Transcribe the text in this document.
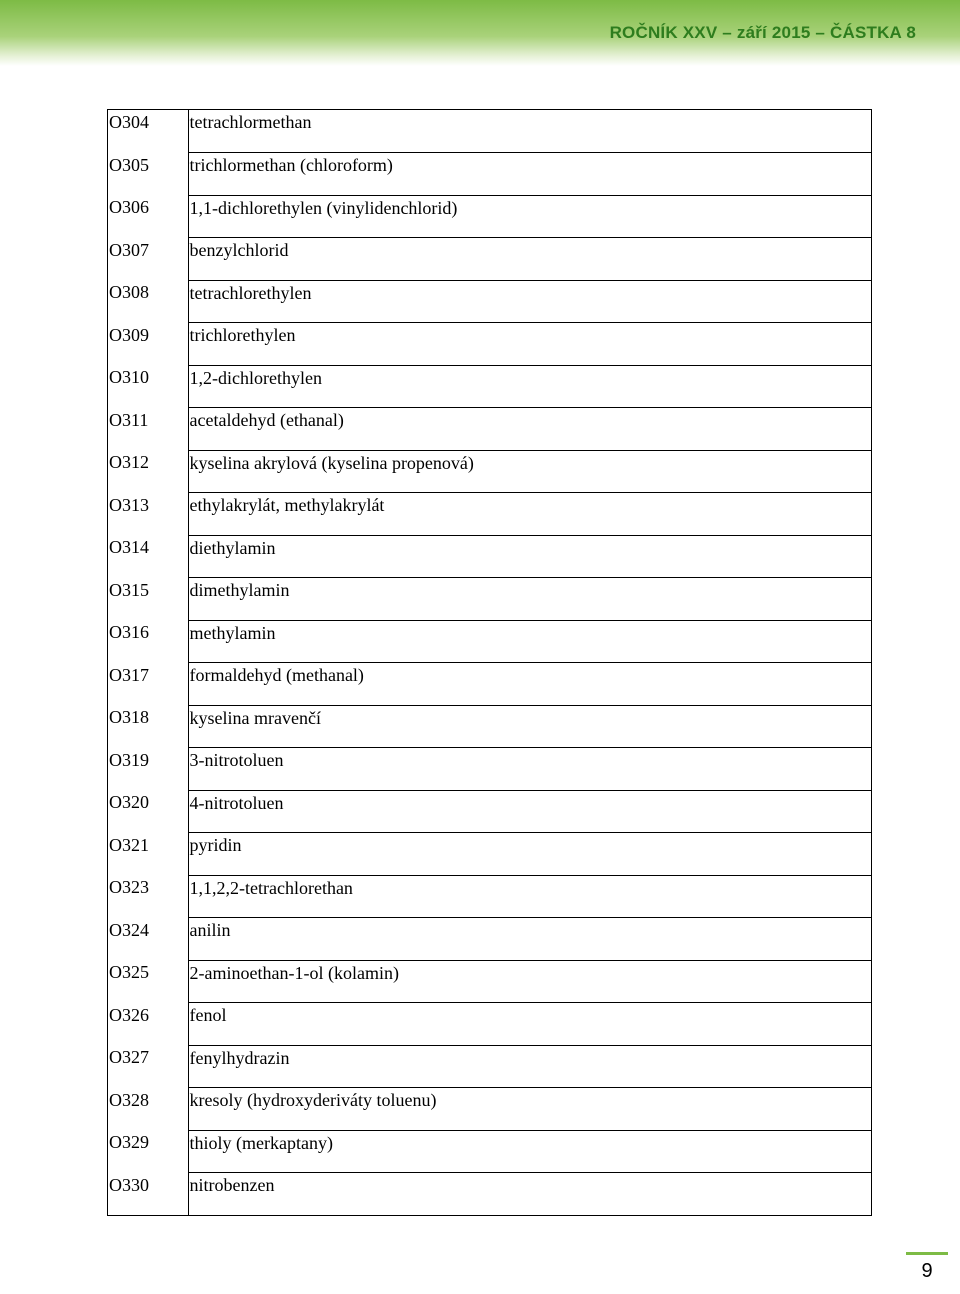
ROČNÍK XXV – září 2015 – ČÁSTKA 8
O304	tetrachlormethan
O305	trichlormethan (chloroform)
O306	1,1-dichlorethylen (vinylidenchlorid)
O307	benzylchlorid
O308	tetrachlorethylen
O309	trichlorethylen
O310	1,2-dichlorethylen
O311	acetaldehyd (ethanal)
O312	kyselina akrylová (kyselina propenová)
O313	ethylakrylát, methylakrylát
O314	diethylamin
O315	dimethylamin
O316	methylamin
O317	formaldehyd (methanal)
O318	kyselina mravenčí
O319	3-nitrotoluen
O320	4-nitrotoluen
O321	pyridin
O323	1,1,2,2-tetrachlorethan
O324	anilin
O325	2-aminoethan-1-ol (kolamin)
O326	fenol
O327	fenylhydrazin
O328	kresoly (hydroxyderiváty toluenu)
O329	thioly (merkaptany)
O330	nitrobenzen
9
